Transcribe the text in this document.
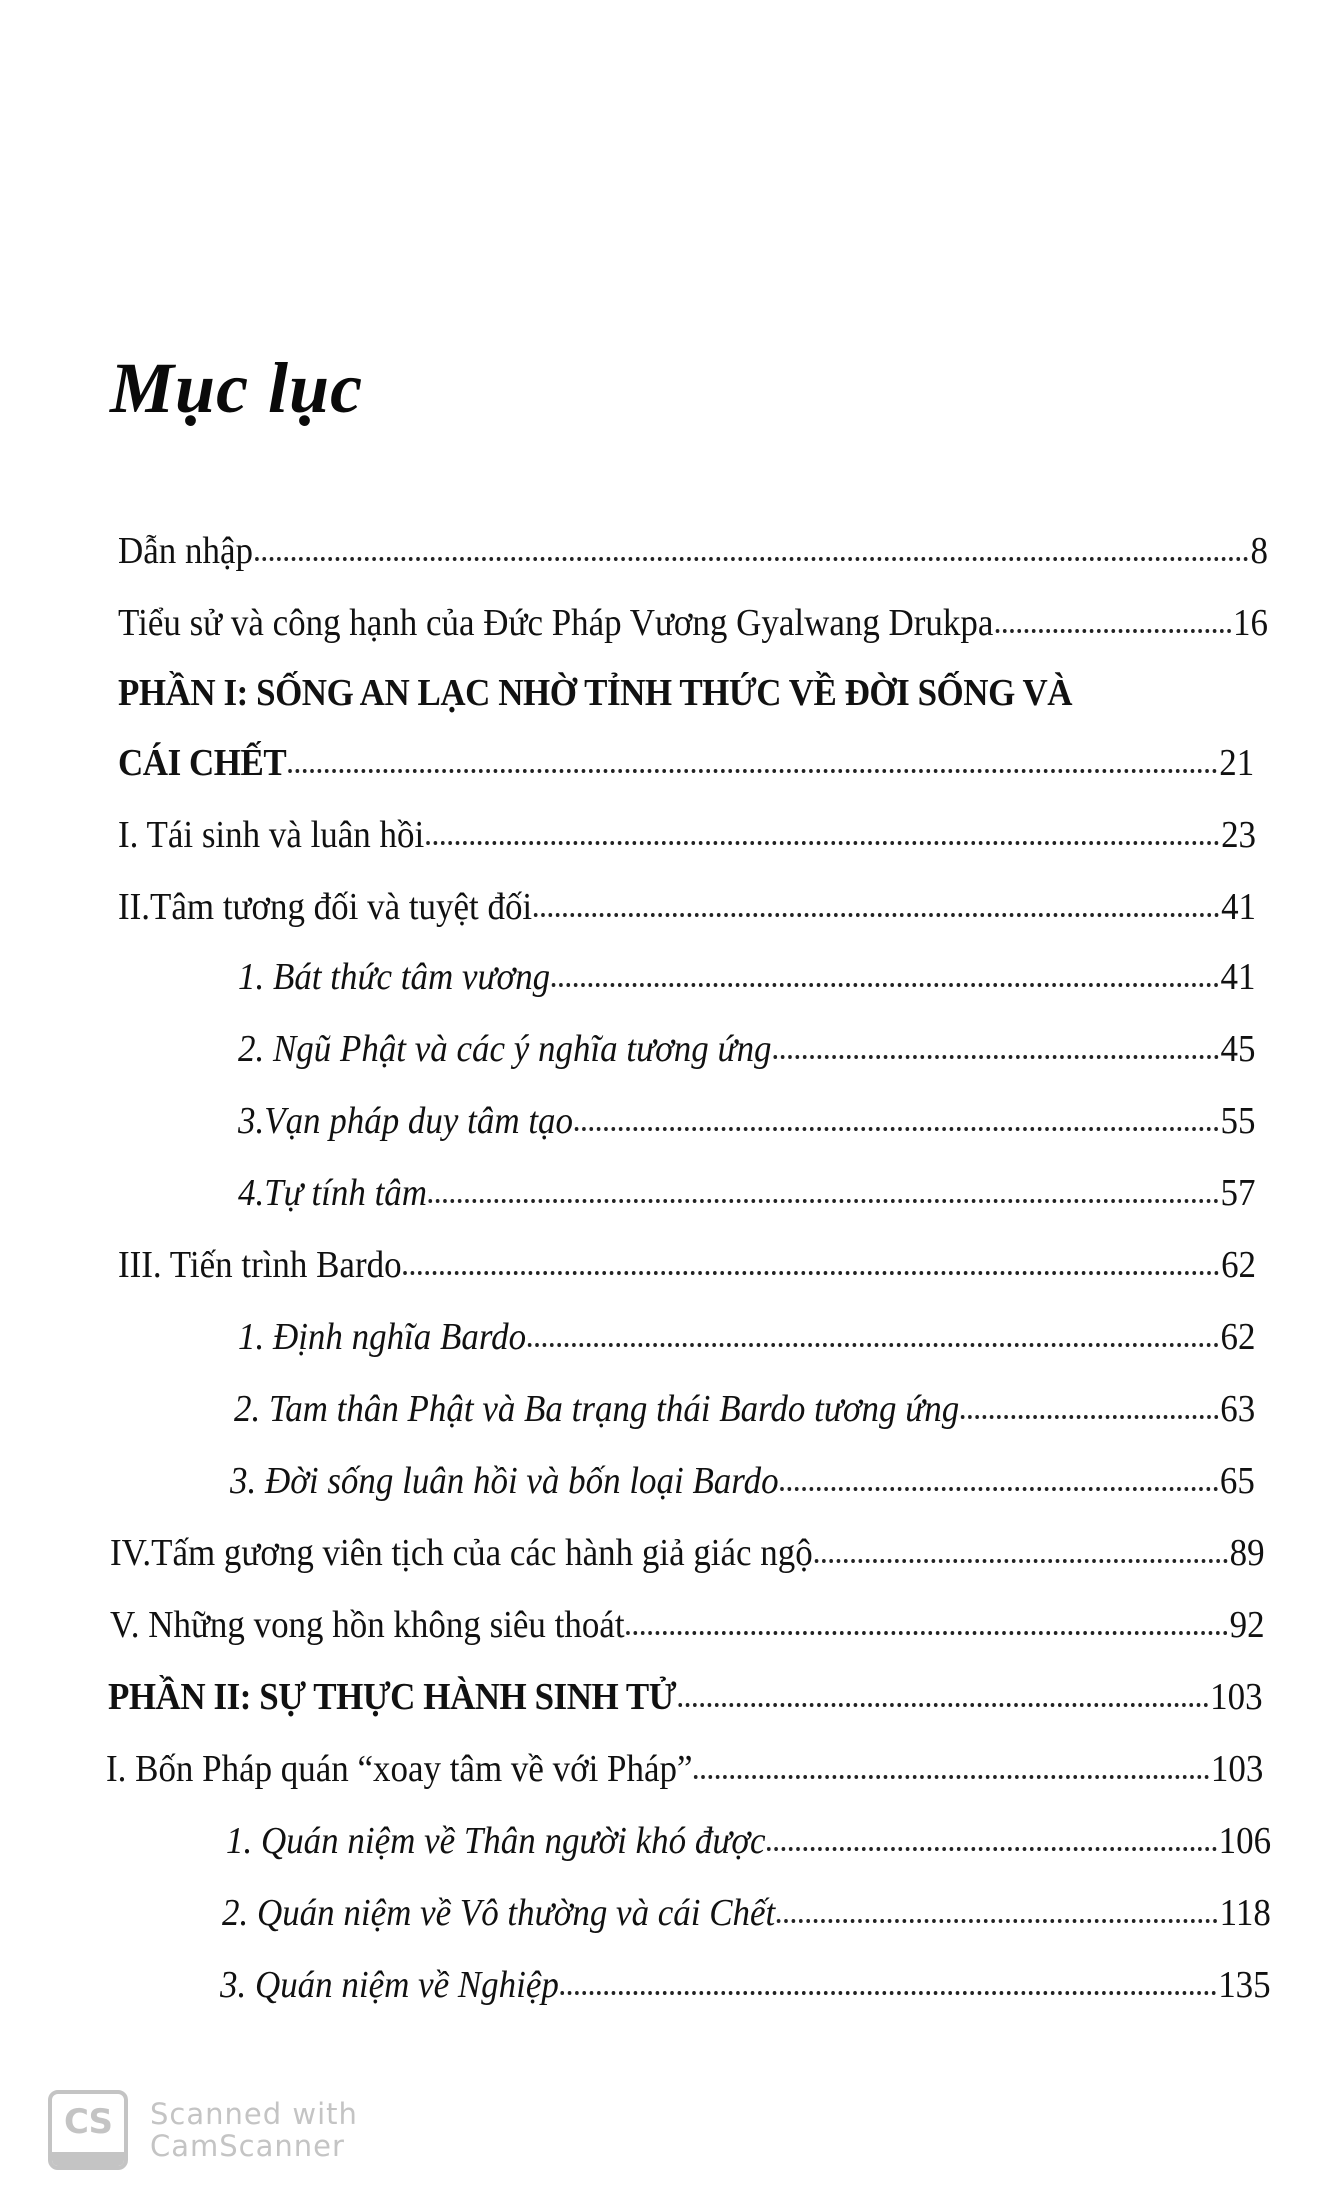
Mục lục
Dẫn nhập	8
Tiểu sử và công hạnh của Đức Pháp Vương Gyalwang Drukpa	16
PHẦN I: SỐNG AN LẠC NHỜ TỈNH THỨC VỀ ĐỜI SỐNG VÀ
CÁI CHẾT	21
I. Tái sinh và luân hồi	23
II.Tâm tương đối và tuyệt đối	41
1. Bát thức tâm vương	41
2. Ngũ Phật và các ý nghĩa tương ứng	45
3.Vạn pháp duy tâm tạo	55
4.Tự tính tâm	57
III. Tiến trình Bardo	62
1. Định nghĩa Bardo	62
2. Tam thân Phật và Ba trạng thái Bardo tương ứng	63
3. Đời sống luân hồi và bốn loại Bardo	65
IV.Tấm gương viên tịch của các hành giả giác ngộ	89
V. Những vong hồn không siêu thoát	92
PHẦN II: SỰ THỰC HÀNH SINH TỬ	103
I. Bốn Pháp quán “xoay tâm về với Pháp”	103
1. Quán niệm về Thân người khó được	106
2. Quán niệm về Vô thường và cái Chết	118
3. Quán niệm về Nghiệp	135
CS	Scanned with
CamScanner
